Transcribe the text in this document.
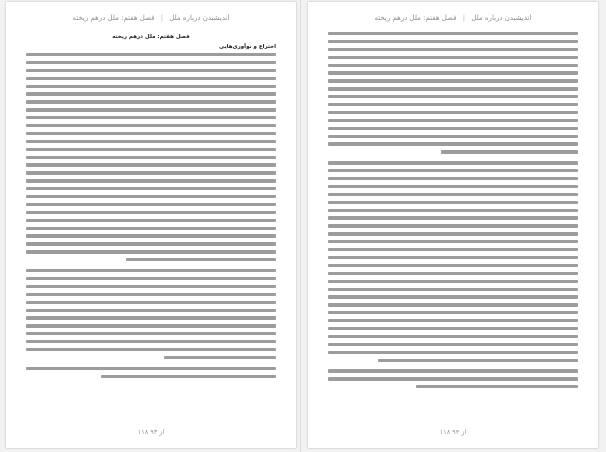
اندیشیدن درباره ملل | فصل هفتم: ملل درهم ریخته
فصل هفتم: ملل درهم ریخته
اختراع و نوآوری‌هایی
۱۱۸ از ۹۳
اندیشیدن درباره ملل | فصل هفتم: ملل درهم ریخته
۱۱۸ از ۹۴
